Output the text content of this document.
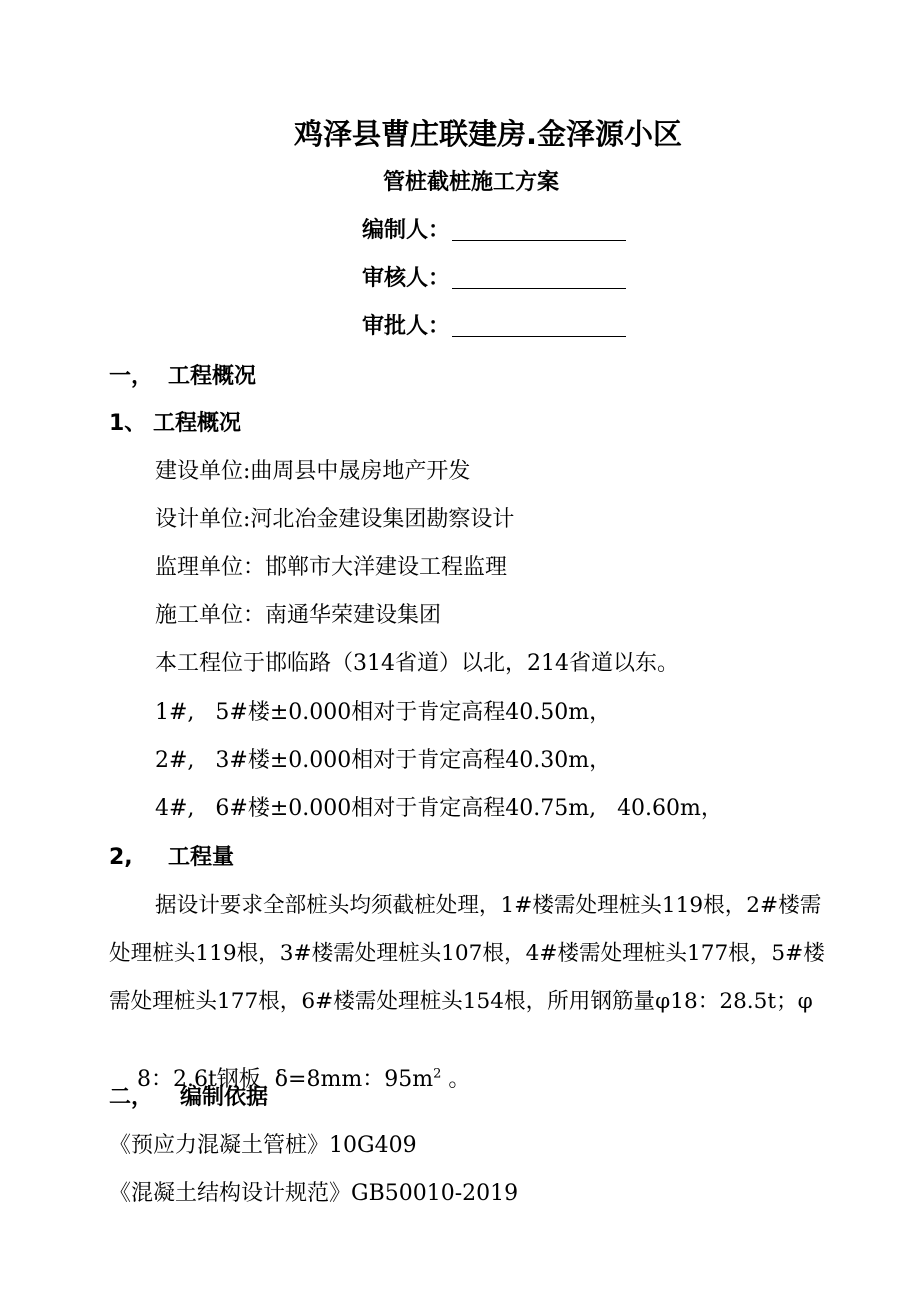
鸡泽县曹庄联建房.金泽源小区
管桩截桩施工方案
编制人：
审核人：
审批人：
一， 工程概况
1、 工程概况
建设单位:曲周县中晟房地产开发
设计单位:河北冶金建设集团勘察设计
监理单位：邯郸市大洋建设工程监理
施工单位：南通华荣建设集团
本工程位于邯临路（314省道）以北，214省道以东。
1#,   5#楼±0.000相对于肯定高程40.50m，
2#,   3#楼±0.000相对于肯定高程40.30m，
4#,   6#楼±0.000相对于肯定高程40.75m,   40.60m，
2, 工程量
据设计要求全部桩头均须截桩处理，1#楼需处理桩头119根，2#楼需
处理桩头119根，3#楼需处理桩头107根，4#楼需处理桩头177根，5#楼
需处理桩头177根，6#楼需处理桩头154根，所用钢筋量φ18：28.5t；φ

8：2.6t钢板  δ=8mm：$95m^2$ 。

二， 编制依据
《预应力混凝土管桩》10G409
《混凝土结构设计规范》GB50010-2019
